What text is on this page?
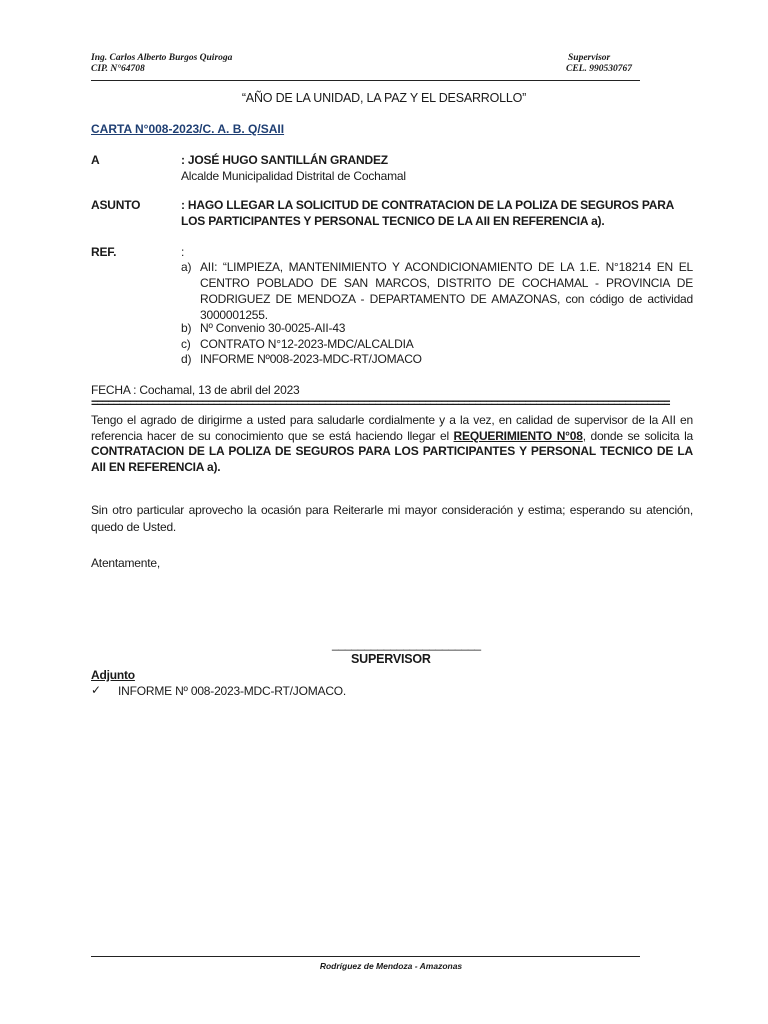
Ing. Carlos Alberto Burgos Quiroga
CIP. N°64708
Supervisor
CEL. 990530767
“AÑO DE LA UNIDAD, LA PAZ Y EL DESARROLLO”
CARTA N°008-2023/C. A. B. Q/SAII
A	: JOSÉ HUGO SANTILLÁN GRANDEZ
Alcalde Municipalidad Distrital de Cochamal
ASUNTO	: HAGO LLEGAR LA SOLICITUD DE CONTRATACION DE LA POLIZA DE SEGUROS PARA
LOS PARTICIPANTES Y PERSONAL TECNICO DE LA AII EN REFERENCIA a).
REF.	:
a) AII: “LIMPIEZA, MANTENIMIENTO Y ACONDICIONAMIENTO DE LA 1.E. N°18214 EN EL CENTRO POBLADO DE SAN MARCOS, DISTRITO DE COCHAMAL - PROVINCIA DE RODRIGUEZ DE MENDOZA - DEPARTAMENTO DE AMAZONAS, con código de actividad 3000001255.
b) Nº Convenio 30-0025-AII-43
c) CONTRATO N°12-2023-MDC/ALCALDIA
d) INFORME Nº008-2023-MDC-RT/JOMACO
FECHA : Cochamal, 13 de abril del 2023
========================================================================================================
Tengo el agrado de dirigirme a usted para saludarle cordialmente y a la vez, en calidad de supervisor de la AII en referencia hacer de su conocimiento que se está haciendo llegar el REQUERIMIENTO N°08, donde se solicita la CONTRATACION DE LA POLIZA DE SEGUROS PARA LOS PARTICIPANTES Y PERSONAL TECNICO DE LA AII EN REFERENCIA a).
Sin otro particular aprovecho la ocasión para Reiterarle mi mayor consideración y estima; esperando su atención, quedo de Usted.
Atentamente,
_______________________
SUPERVISOR
Adjunto
✓ INFORME Nº 008-2023-MDC-RT/JOMACO.
Rodríguez de Mendoza - Amazonas
